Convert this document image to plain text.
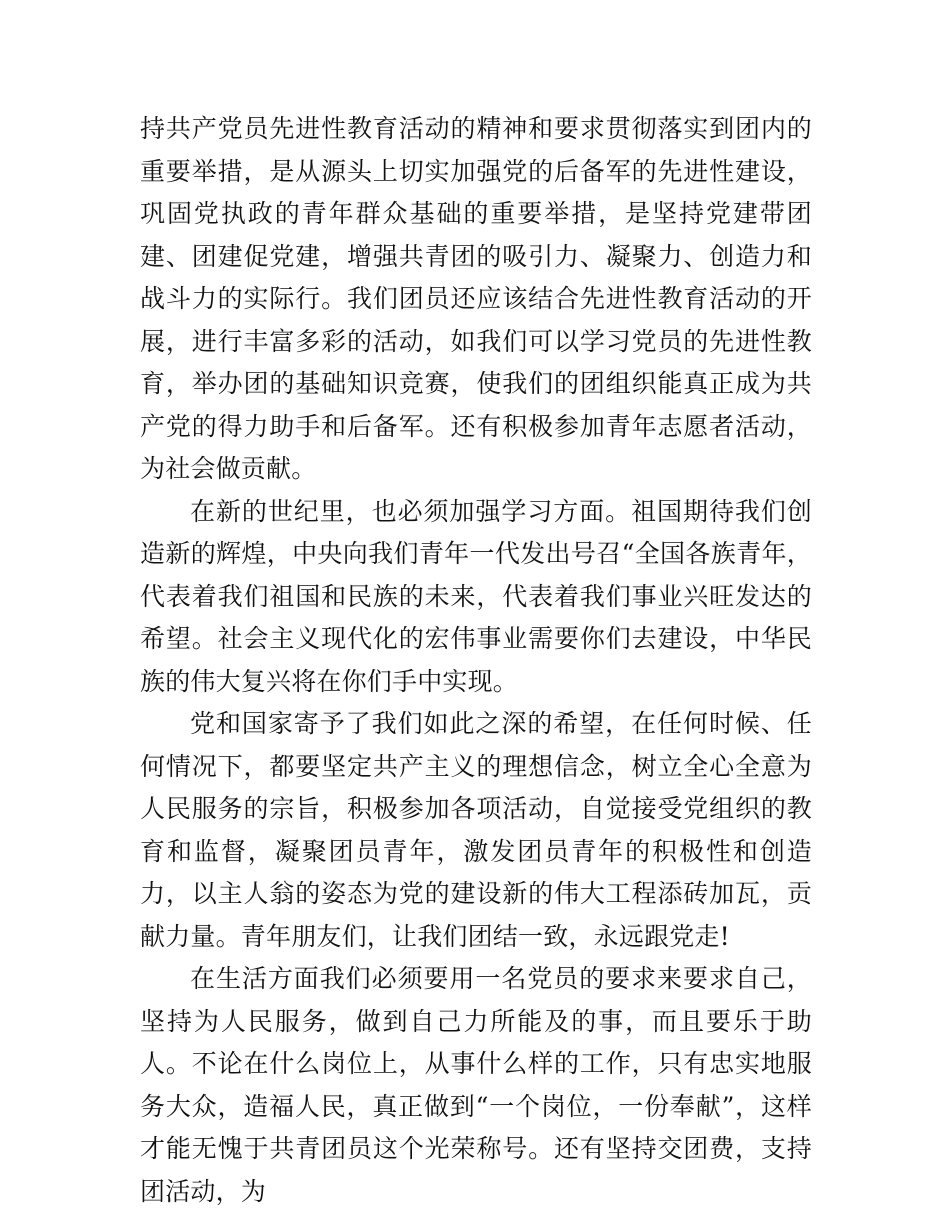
持共产党员先进性教育活动的精神和要求贯彻落实到团内的重要举措，是从源头上切实加强党的后备军的先进性建设，巩固党执政的青年群众基础的重要举措，是坚持党建带团建、团建促党建，增强共青团的吸引力、凝聚力、创造力和战斗力的实际行。我们团员还应该结合先进性教育活动的开展，进行丰富多彩的活动，如我们可以学习党员的先进性教育，举办团的基础知识竞赛，使我们的团组织能真正成为共产党的得力助手和后备军。还有积极参加青年志愿者活动，为社会做贡献。

在新的世纪里，也必须加强学习方面。祖国期待我们创造新的辉煌，中央向我们青年一代发出号召“全国各族青年，代表着我们祖国和民族的未来，代表着我们事业兴旺发达的希望。社会主义现代化的宏伟事业需要你们去建设，中华民族的伟大复兴将在你们手中实现。

党和国家寄予了我们如此之深的希望，在任何时候、任何情况下，都要坚定共产主义的理想信念，树立全心全意为人民服务的宗旨，积极参加各项活动，自觉接受党组织的教育和监督，凝聚团员青年，激发团员青年的积极性和创造力，以主人翁的姿态为党的建设新的伟大工程添砖加瓦，贡献力量。青年朋友们，让我们团结一致，永远跟党走!

在生活方面我们必须要用一名党员的要求来要求自己，坚持为人民服务，做到自己力所能及的事，而且要乐于助人。不论在什么岗位上，从事什么样的工作，只有忠实地服务大众，造福人民，真正做到“一个岗位，一份奉献”，这样才能无愧于共青团员这个光荣称号。还有坚持交团费，支持团活动，为
